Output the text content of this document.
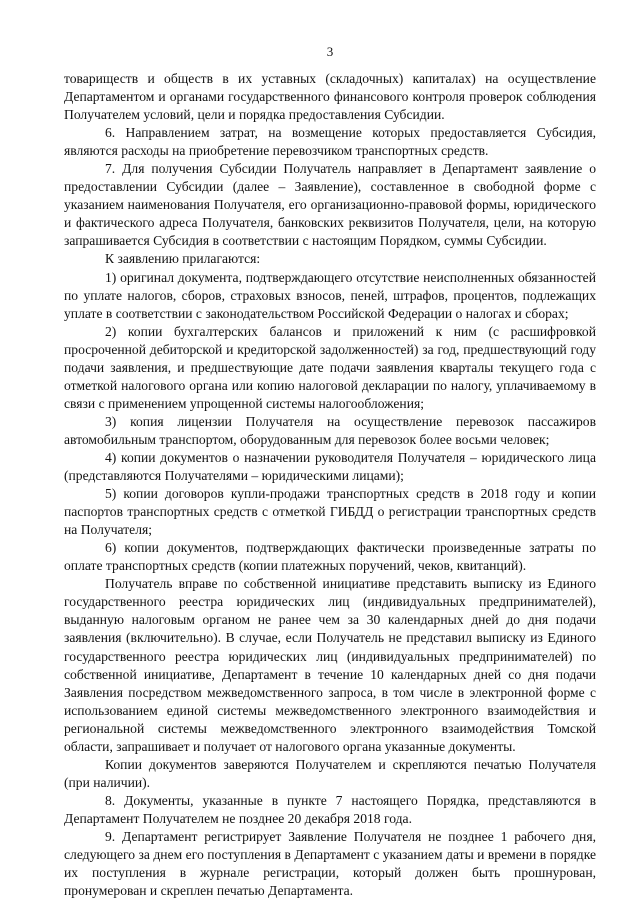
3

товариществ и обществ в их уставных (складочных) капиталах) на осуществление Департаментом и органами государственного финансового контроля проверок соблюдения Получателем условий, цели и порядка предоставления Субсидии.

6. Направлением затрат, на возмещение которых предоставляется Субсидия, являются расходы на приобретение перевозчиком транспортных средств.

7. Для получения Субсидии Получатель направляет в Департамент заявление о предоставлении Субсидии (далее – Заявление), составленное в свободной форме с указанием наименования Получателя, его организационно-правовой формы, юридического и фактического адреса Получателя, банковских реквизитов Получателя, цели, на которую запрашивается Субсидия в соответствии с настоящим Порядком, суммы Субсидии.

К заявлению прилагаются:

1) оригинал документа, подтверждающего отсутствие неисполненных обязанностей по уплате налогов, сборов, страховых взносов, пеней, штрафов, процентов, подлежащих уплате в соответствии с законодательством Российской Федерации о налогах и сборах;

2) копии бухгалтерских балансов и приложений к ним (с расшифровкой просроченной дебиторской и кредиторской задолженностей) за год, предшествующий году подачи заявления, и предшествующие дате подачи заявления кварталы текущего года с отметкой налогового органа или копию налоговой декларации по налогу, уплачиваемому в связи с применением упрощенной системы налогообложения;

3) копия лицензии Получателя на осуществление перевозок пассажиров автомобильным транспортом, оборудованным для перевозок более восьми человек;

4) копии документов о назначении руководителя Получателя – юридического лица (представляются Получателями – юридическими лицами);

5) копии договоров купли-продажи транспортных средств в 2018 году и копии паспортов транспортных средств с отметкой ГИБДД о регистрации транспортных средств на Получателя;

6) копии документов, подтверждающих фактически произведенные затраты по оплате транспортных средств (копии платежных поручений, чеков, квитанций).

Получатель вправе по собственной инициативе представить выписку из Единого государственного реестра юридических лиц (индивидуальных предпринимателей), выданную налоговым органом не ранее чем за 30 календарных дней до дня подачи заявления (включительно). В случае, если Получатель не представил выписку из Единого государственного реестра юридических лиц (индивидуальных предпринимателей) по собственной инициативе, Департамент в течение 10 календарных дней со дня подачи Заявления посредством межведомственного запроса, в том числе в электронной форме с использованием единой системы межведомственного электронного взаимодействия и региональной системы межведомственного электронного взаимодействия Томской области, запрашивает и получает от налогового органа указанные документы.

Копии документов заверяются Получателем и скрепляются печатью Получателя (при наличии).

8. Документы, указанные в пункте 7 настоящего Порядка, представляются в Департамент Получателем не позднее 20 декабря 2018 года.

9. Департамент регистрирует Заявление Получателя не позднее 1 рабочего дня, следующего за днем его поступления в Департамент с указанием даты и времени в порядке их поступления в журнале регистрации, который должен быть прошнурован, пронумерован и скреплен печатью Департамента.
